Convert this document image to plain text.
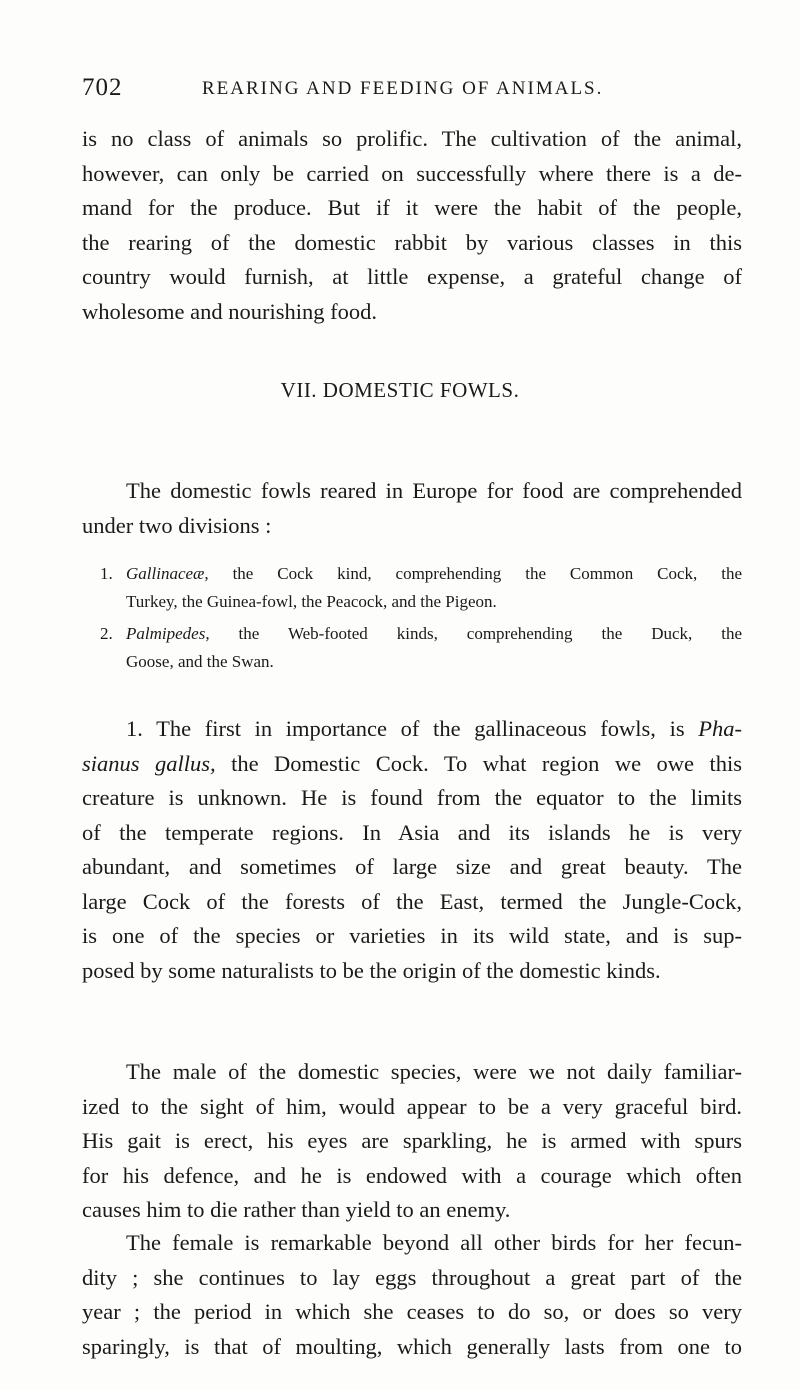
702	REARING AND FEEDING OF ANIMALS.

is no class of animals so prolific. The cultivation of the animal,
however, can only be carried on successfully where there is a de-
mand for the produce. But if it were the habit of the people,
the rearing of the domestic rabbit by various classes in this
country would furnish, at little expense, a grateful change of
wholesome and nourishing food.

VII. DOMESTIC FOWLS.

The domestic fowls reared in Europe for food are comprehended
under two divisions :

1. Gallinaceæ, the Cock kind, comprehending the Common Cock, the
Turkey, the Guinea-fowl, the Peacock, and the Pigeon.
2. Palmipedes, the Web-footed kinds, comprehending the Duck, the
Goose, and the Swan.

1. The first in importance of the gallinaceous fowls, is Pha-
sianus gallus, the Domestic Cock. To what region we owe this
creature is unknown. He is found from the equator to the limits
of the temperate regions. In Asia and its islands he is very
abundant, and sometimes of large size and great beauty. The
large Cock of the forests of the East, termed the Jungle-Cock,
is one of the species or varieties in its wild state, and is sup-
posed by some naturalists to be the origin of the domestic kinds.

The male of the domestic species, were we not daily familiar-
ized to the sight of him, would appear to be a very graceful bird.
His gait is erect, his eyes are sparkling, he is armed with spurs
for his defence, and he is endowed with a courage which often
causes him to die rather than yield to an enemy.

The female is remarkable beyond all other birds for her fecun-
dity ; she continues to lay eggs throughout a great part of the
year ; the period in which she ceases to do so, or does so very
sparingly, is that of moulting, which generally lasts from one to
